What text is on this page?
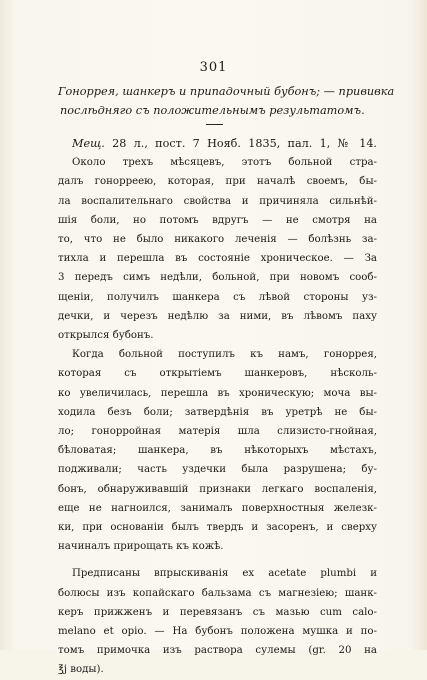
301
Гоноррея, шанкеръ и припадочный бубонъ; — прививка
послѣдняго съ положительнымъ результатомъ.
Мещ. 28 л., пост. 7 Нояб. 1835, пал. 1, № 14.
Около трехъ мѣсяцевъ, этотъ больной стра-
далъ гонорреею, которая, при началѣ своемъ, бы-
ла воспалительнаго свойства и причиняла сильнѣй-
шія боли, но потомъ вдругъ — не смотря на
то, что не было никакого леченія — болѣзнь за-
тихла и перешла въ состояніе хроническое. — За
3 передъ симъ недѣли, больной, при новомъ сооб-
щеніи, получилъ шанкера съ лѣвой стороны уз-
дечки, и черезъ недѣлю за ними, въ лѣвомъ паху
открылся бубонъ.
Когда больной поступилъ къ намъ, гоноррея,
которая съ открытіемъ шанкеровъ, нѣсколь-
ко увеличилась, перешла въ хроническую; моча вы-
ходила безъ боли; затвердѣнія въ уретрѣ не бы-
ло; гонорройная матерія шла слизисто-гнойная,
бѣловатая; шанкера, въ нѣкоторыхъ мѣстахъ,
подживали; часть уздечки была разрушена; бу-
бонъ, обнаруживавшій признаки легкаго воспаленія,
еще не нагноился, занималъ поверхностныя железк-
ки, при основаніи былъ твердъ и засоренъ, и сверху
начиналъ прирощать къ кожѣ.
Предписаны впрыскиванія ex acetate plumbi и
болюсы изъ копайскаго бальзама съ магнезіею; шанк-
керъ прижженъ и перевязанъ съ мазью cum calo-
melano et opio. — На бубонъ положена мушка и по-
томъ примочка изъ раствора сулемы (gr. 20 на
℥j воды).
